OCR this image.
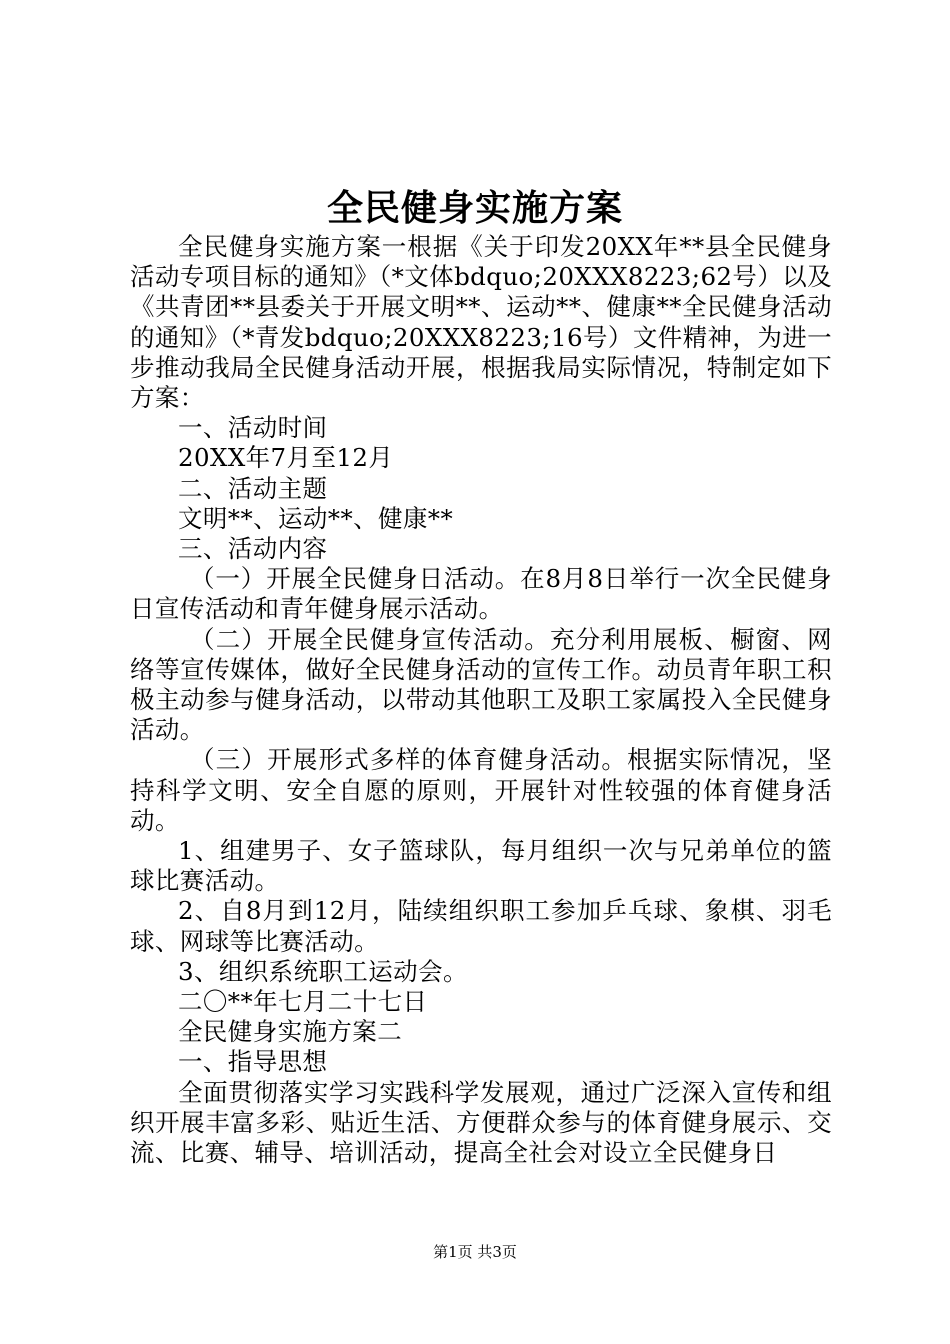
全民健身实施方案

全民健身实施方案一根据《关于印发20XX年**县全民健身活动专项目标的通知》（*文体bdquo;20XXX8223;62号）以及《共青团**县委关于开展文明**、运动**、健康**全民健身活动的通知》（*青发bdquo;20XXX8223;16号）文件精神，为进一步推动我局全民健身活动开展，根据我局实际情况，特制定如下方案：

一、活动时间

20XX年7月至12月

二、活动主题

文明**、运动**、健康**

三、活动内容

（一）开展全民健身日活动。在8月8日举行一次全民健身日宣传活动和青年健身展示活动。

（二）开展全民健身宣传活动。充分利用展板、橱窗、网络等宣传媒体，做好全民健身活动的宣传工作。动员青年职工积极主动参与健身活动，以带动其他职工及职工家属投入全民健身活动。

（三）开展形式多样的体育健身活动。根据实际情况，坚持科学文明、安全自愿的原则，开展针对性较强的体育健身活动。

1、组建男子、女子篮球队，每月组织一次与兄弟单位的篮球比赛活动。

2、自8月到12月，陆续组织职工参加乒乓球、象棋、羽毛球、网球等比赛活动。

3、组织系统职工运动会。

二〇**年七月二十七日

全民健身实施方案二

一、指导思想

全面贯彻落实学习实践科学发展观，通过广泛深入宣传和组织开展丰富多彩、贴近生活、方便群众参与的体育健身展示、交流、比赛、辅导、培训活动，提高全社会对设立全民健身日

第1页 共3页
